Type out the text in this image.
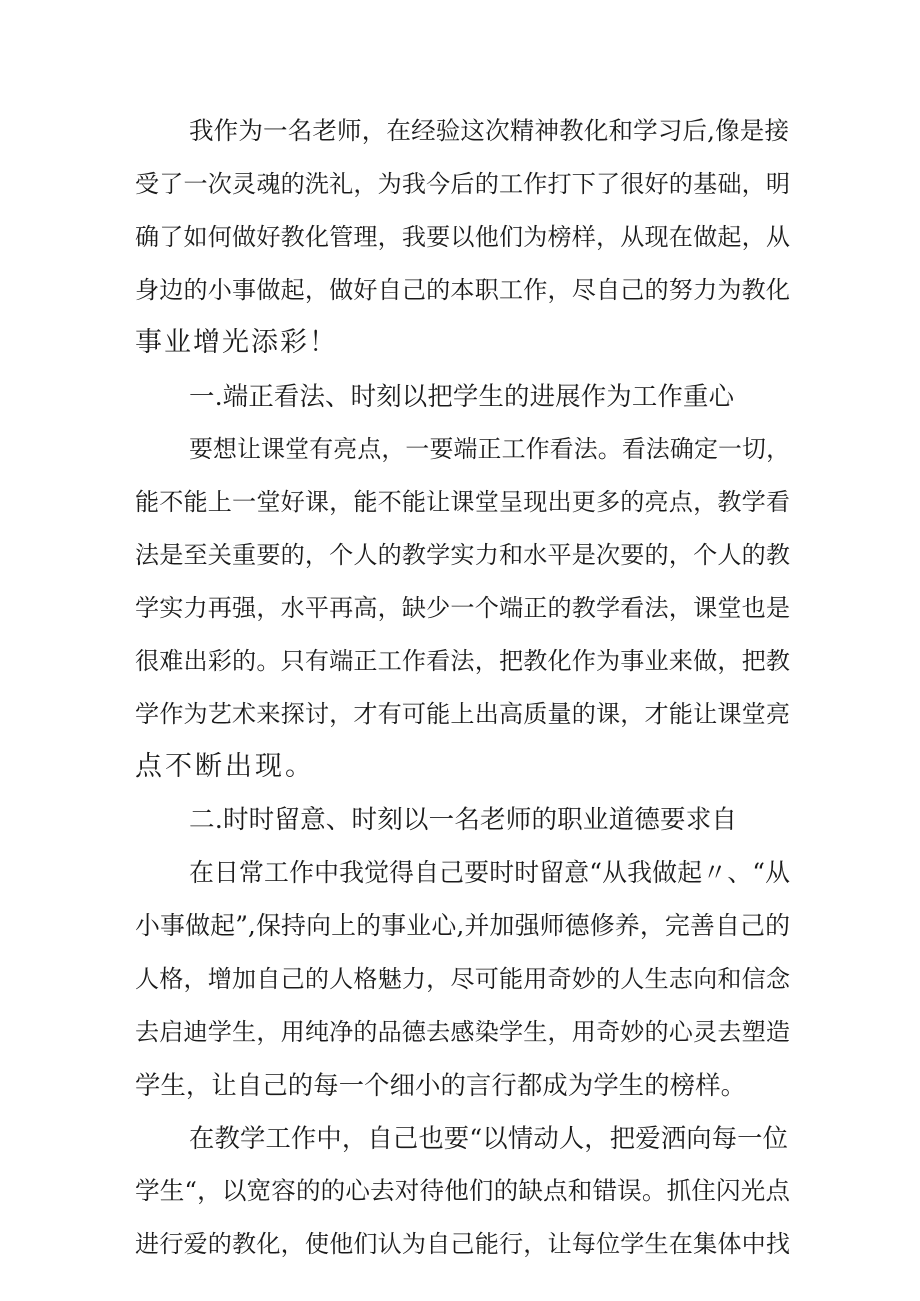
我作为一名老师，在经验这次精神教化和学习后,像是接
受了一次灵魂的洗礼，为我今后的工作打下了很好的基础，明
确了如何做好教化管理，我要以他们为榜样，从现在做起，从
身边的小事做起，做好自己的本职工作，尽自己的努力为教化
事业增光添彩！
一.端正看法、时刻以把学生的进展作为工作重心
要想让课堂有亮点，一要端正工作看法。看法确定一切，
能不能上一堂好课，能不能让课堂呈现出更多的亮点，教学看
法是至关重要的，个人的教学实力和水平是次要的，个人的教
学实力再强，水平再高，缺少一个端正的教学看法，课堂也是
很难出彩的。只有端正工作看法，把教化作为事业来做，把教
学作为艺术来探讨，才有可能上出高质量的课，才能让课堂亮
点不断出现。
二.时时留意、时刻以一名老师的职业道德要求自
在日常工作中我觉得自己要时时留意“从我做起〃、“从
小事做起”,保持向上的事业心,并加强师德修养，完善自己的
人格，增加自己的人格魅力，尽可能用奇妙的人生志向和信念
去启迪学生，用纯净的品德去感染学生，用奇妙的心灵去塑造
学生，让自己的每一个细小的言行都成为学生的榜样。
在教学工作中，自己也要“以情动人，把爱洒向每一位
学生“，以宽容的的心去对待他们的缺点和错误。抓住闪光点
进行爱的教化，使他们认为自己能行，让每位学生在集体中找
